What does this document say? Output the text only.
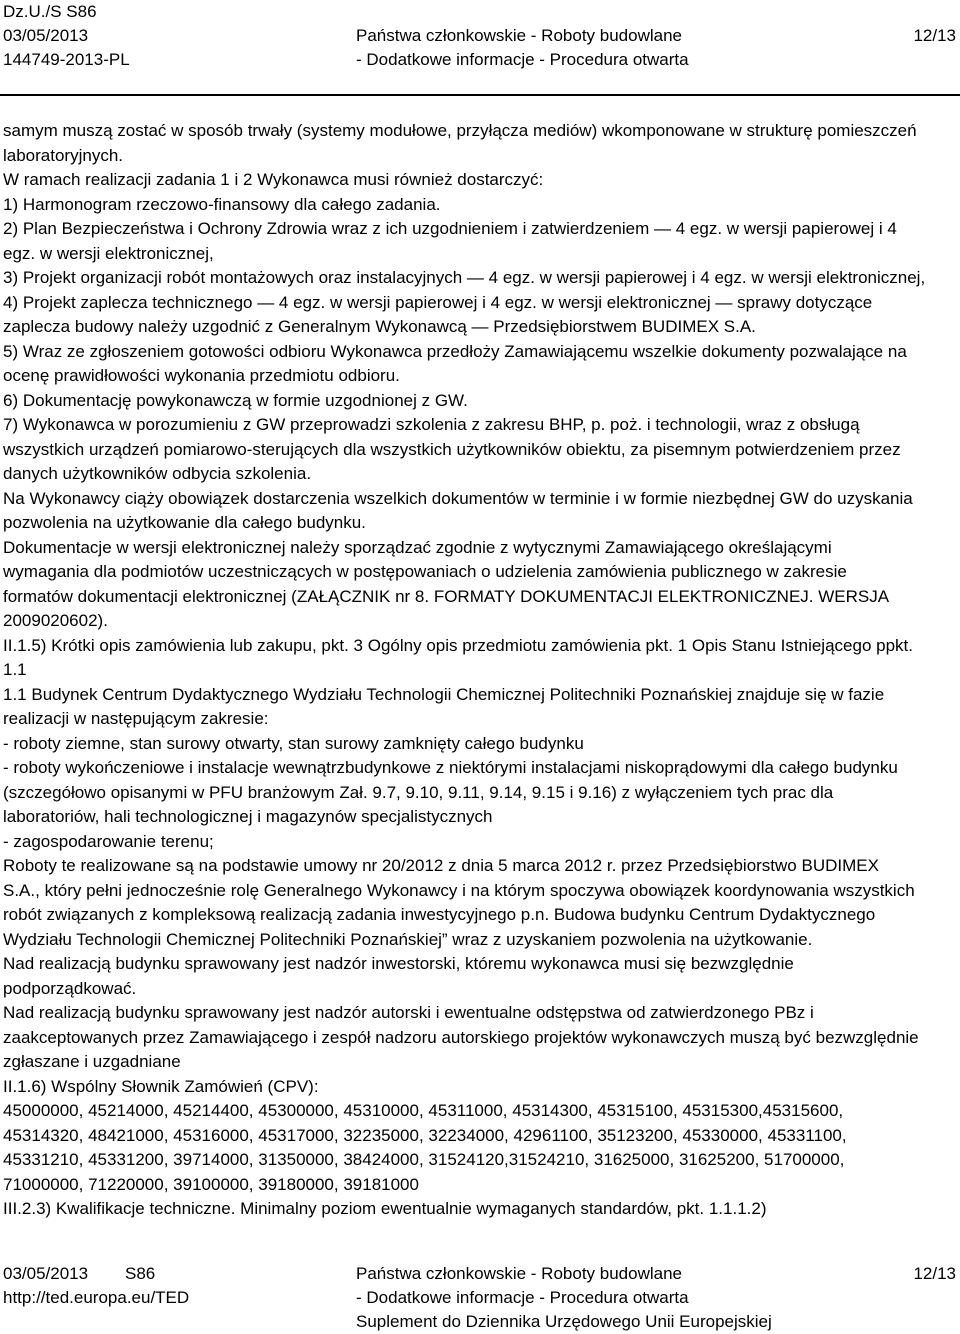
Dz.U./S S86
03/05/2013	Państwa członkowskie - Roboty budowlane	12/13
144749-2013-PL	- Dodatkowe informacje - Procedura otwarta
samym muszą zostać w sposób trwały (systemy modułowe, przyłącza mediów) wkomponowane w strukturę pomieszczeń
laboratoryjnych.
W ramach realizacji zadania 1 i 2 Wykonawca musi również dostarczyć:
1) Harmonogram rzeczowo-finansowy dla całego zadania.
2) Plan Bezpieczeństwa i Ochrony Zdrowia wraz z ich uzgodnieniem i zatwierdzeniem — 4 egz. w wersji papierowej i 4
egz. w wersji elektronicznej,
3) Projekt organizacji robót montażowych oraz instalacyjnych — 4 egz. w wersji papierowej i 4 egz. w wersji elektronicznej,
4) Projekt zaplecza technicznego — 4 egz. w wersji papierowej i 4 egz. w wersji elektronicznej — sprawy dotyczące
zaplecza budowy należy uzgodnić z Generalnym Wykonawcą — Przedsiębiorstwem BUDIMEX S.A.
5) Wraz ze zgłoszeniem gotowości odbioru Wykonawca przedłoży Zamawiającemu wszelkie dokumenty pozwalające na
ocenę prawidłowości wykonania przedmiotu odbioru.
6) Dokumentację powykonawczą w formie uzgodnionej z GW.
7) Wykonawca w porozumieniu z GW przeprowadzi szkolenia z zakresu BHP, p. poż. i technologii, wraz z obsługą
wszystkich urządzeń pomiarowo-sterujących dla wszystkich użytkowników obiektu, za pisemnym potwierdzeniem przez
danych użytkowników odbycia szkolenia.
Na Wykonawcy ciąży obowiązek dostarczenia wszelkich dokumentów w terminie i w formie niezbędnej GW do uzyskania
pozwolenia na użytkowanie dla całego budynku.
Dokumentacje w wersji elektronicznej należy sporządzać zgodnie z wytycznymi Zamawiającego określającymi
wymagania dla podmiotów uczestniczących w postępowaniach o udzielenia zamówienia publicznego w zakresie
formatów dokumentacji elektronicznej (ZAŁĄCZNIK nr 8. FORMATY DOKUMENTACJI ELEKTRONICZNEJ. WERSJA
2009020602).
II.1.5) Krótki opis zamówienia lub zakupu, pkt. 3 Ogólny opis przedmiotu zamówienia pkt. 1 Opis Stanu Istniejącego ppkt.
1.1
1.1 Budynek Centrum Dydaktycznego Wydziału Technologii Chemicznej Politechniki Poznańskiej znajduje się w fazie
realizacji w następującym zakresie:
- roboty ziemne, stan surowy otwarty, stan surowy zamknięty całego budynku
- roboty wykończeniowe i instalacje wewnątrzbudynkowe z niektórymi instalacjami niskoprądowymi dla całego budynku
(szczegółowo opisanymi w PFU branżowym Zał. 9.7, 9.10, 9.11, 9.14, 9.15 i 9.16) z wyłączeniem tych prac dla
laboratoriów, hali technologicznej i magazynów specjalistycznych
- zagospodarowanie terenu;
Roboty te realizowane są na podstawie umowy nr 20/2012 z dnia 5 marca 2012 r. przez Przedsiębiorstwo BUDIMEX
S.A., który pełni jednocześnie rolę Generalnego Wykonawcy i na którym spoczywa obowiązek koordynowania wszystkich
robót związanych z kompleksową realizacją zadania inwestycyjnego p.n. Budowa budynku Centrum Dydaktycznego
Wydziału Technologii Chemicznej Politechniki Poznańskiej” wraz z uzyskaniem pozwolenia na użytkowanie.
Nad realizacją budynku sprawowany jest nadzór inwestorski, któremu wykonawca musi się bezwzględnie
podporządkować.
Nad realizacją budynku sprawowany jest nadzór autorski i ewentualne odstępstwa od zatwierdzonego PBz i
zaakceptowanych przez Zamawiającego i zespół nadzoru autorskiego projektów wykonawczych muszą być bezwzględnie
zgłaszane i uzgadniane
II.1.6) Wspólny Słownik Zamówień (CPV):
45000000, 45214000, 45214400, 45300000, 45310000, 45311000, 45314300, 45315100, 45315300,45315600,
45314320, 48421000, 45316000, 45317000, 32235000, 32234000, 42961100, 35123200, 45330000, 45331100,
45331210, 45331200, 39714000, 31350000, 38424000, 31524120,31524210, 31625000, 31625200, 51700000,
71000000, 71220000, 39100000, 39180000, 39181000
III.2.3) Kwalifikacje techniczne. Minimalny poziom ewentualnie wymaganych standardów, pkt. 1.1.1.2)
03/05/2013 S86	Państwa członkowskie - Roboty budowlane	12/13
http://ted.europa.eu/TED	- Dodatkowe informacje - Procedura otwarta
Suplement do Dziennika Urzędowego Unii Europejskiej
